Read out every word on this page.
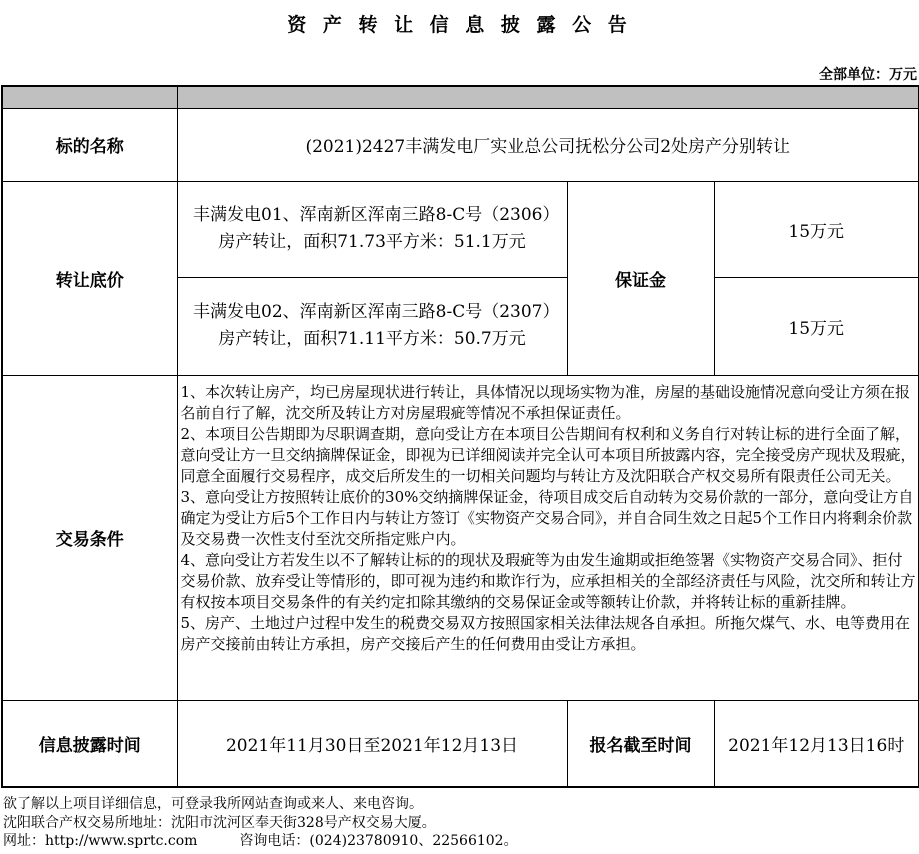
资 产 转 让 信 息 披 露 公 告
全部单位：万元

标的名称	(2021)2427丰满发电厂实业总公司抚松分公司2处房产分别转让		
转让底价	丰满发电01、浑南新区浑南三路8-C号（2306）房产转让，面积71.73平方米：51.1万元	保证金	15万元

	丰满发电02、浑南新区浑南三路8-C号（2307）房产转让，面积71.11平方米：50.7万元		15万元
交易条件	1、本次转让房产，均已房屋现状进行转让，具体情况以现场实物为准，房屋的基础设施情况意向受让方须在报名前自行了解，沈交所及转让方对房屋瑕疵等情况不承担保证责任。
2、本项目公告期即为尽职调查期，意向受让方在本项目公告期间有权利和义务自行对转让标的进行全面了解，意向受让方一旦交纳摘牌保证金，即视为已详细阅读并完全认可本项目所披露内容，完全接受房产现状及瑕疵，同意全面履行交易程序，成交后所发生的一切相关问题均与转让方及沈阳联合产权交易所有限责任公司无关。
3、意向受让方按照转让底价的30%交纳摘牌保证金，待项目成交后自动转为交易价款的一部分，意向受让方自确定为受让方后5个工作日内与转让方签订《实物资产交易合同》，并自合同生效之日起5个工作日内将剩余价款及交易费一次性支付至沈交所指定账户内。
4、意向受让方若发生以不了解转让标的的现状及瑕疵等为由发生逾期或拒绝签署《实物资产交易合同》、拒付交易价款、放弃受让等情形的，即可视为违约和欺诈行为，应承担相关的全部经济责任与风险，沈交所和转让方有权按本项目交易条件的有关约定扣除其缴纳的交易保证金或等额转让价款，并将转让标的重新挂牌。
5、房产、土地过户过程中发生的税费交易双方按照国家相关法律法规各自承担。所拖欠煤气、水、电等费用在房产交接前由转让方承担，房产交接后产生的任何费用由受让方承担。		

信息披露时间	2021年11月30日至2021年12月13日	报名截至时间	2021年12月13日16时
欲了解以上项目详细信息，可登录我所网站查询或来人、来电咨询。
沈阳联合产权交易所地址：沈阳市沈河区奉天街328号产权交易大厦。
网址：http://www.sprtc.com　　　咨询电话：(024)23780910、22566102。
